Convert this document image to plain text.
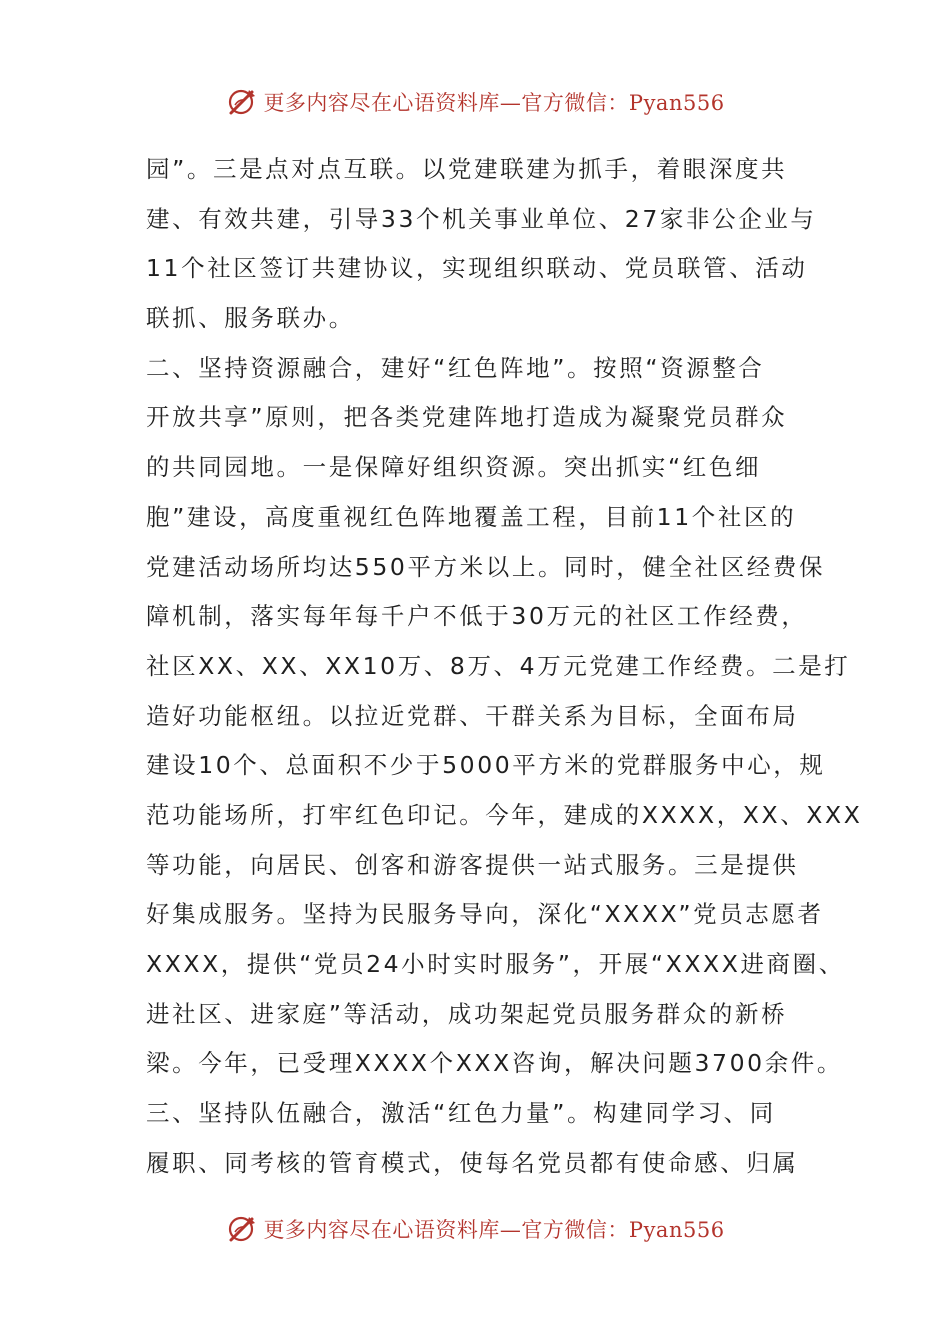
更多内容尽在心语资料库—官方微信：Pyan556
园”。三是点对点互联。以党建联建为抓手，着眼深度共
建、有效共建，引导33个机关事业单位、27家非公企业与
11个社区签订共建协议，实现组织联动、党员联管、活动
联抓、服务联办。
二、坚持资源融合，建好“红色阵地”。按照“资源整合
开放共享”原则，把各类党建阵地打造成为凝聚党员群众
的共同园地。一是保障好组织资源。突出抓实“红色细
胞”建设，高度重视红色阵地覆盖工程，目前11个社区的
党建活动场所均达550平方米以上。同时，健全社区经费保
障机制，落实每年每千户不低于30万元的社区工作经费，
社区XX、XX、XX10万、8万、4万元党建工作经费。二是打
造好功能枢纽。以拉近党群、干群关系为目标，全面布局
建设10个、总面积不少于5000平方米的党群服务中心，规
范功能场所，打牢红色印记。今年，建成的XXXX，XX、XXX
等功能，向居民、创客和游客提供一站式服务。三是提供
好集成服务。坚持为民服务导向，深化“XXXX”党员志愿者
XXXX，提供“党员24小时实时服务”，开展“XXXX进商圈、
进社区、进家庭”等活动，成功架起党员服务群众的新桥
梁。今年，已受理XXXX个XXX咨询，解决问题3700余件。
三、坚持队伍融合，激活“红色力量”。构建同学习、同
履职、同考核的管育模式，使每名党员都有使命感、归属
更多内容尽在心语资料库—官方微信：Pyan556
